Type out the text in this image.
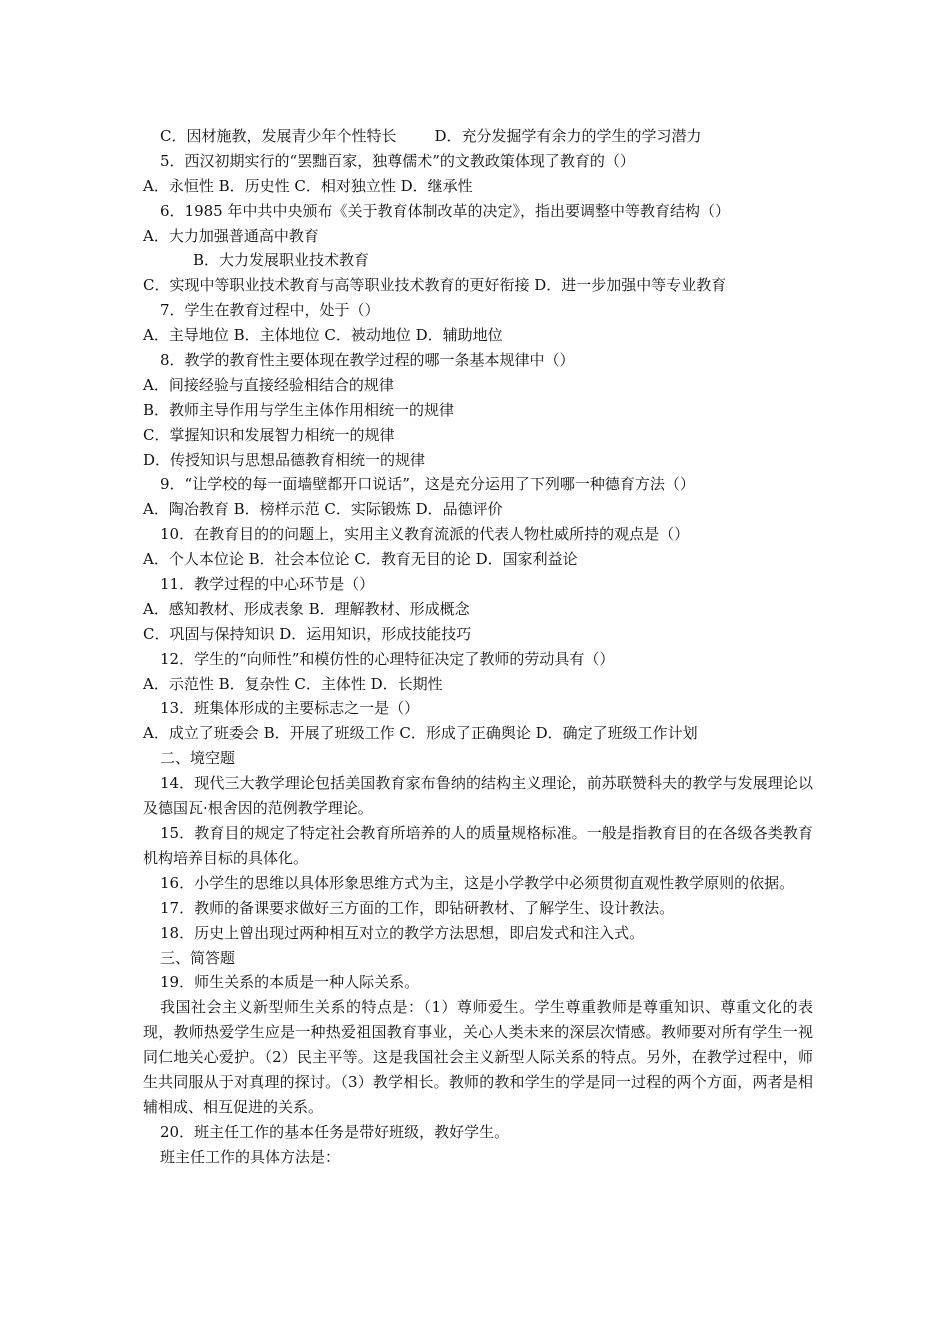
C．因材施教，发展青少年个性特长	D．充分发掘学有余力的学生的学习潜力

5．西汉初期实行的“罢黜百家，独尊儒术”的文教政策体现了教育的（）

A．永恒性 B．历史性 C．相对独立性 D．继承性

6．1985 年中共中央颁布《关于教育体制改革的决定》，指出要调整中等教育结构（）

A．大力加强普通高中教育

B．大力发展职业技术教育

C．实现中等职业技术教育与高等职业技术教育的更好衔接 D．进一步加强中等专业教育

7．学生在教育过程中，处于（）

A．主导地位 B．主体地位 C．被动地位 D．辅助地位

8．教学的教育性主要体现在教学过程的哪一条基本规律中（）

A．间接经验与直接经验相结合的规律

B．教师主导作用与学生主体作用相统一的规律

C．掌握知识和发展智力相统一的规律

D．传授知识与思想品德教育相统一的规律

9．“让学校的每一面墙壁都开口说话”，这是充分运用了下列哪一种德育方法（）

A．陶冶教育 B．榜样示范 C．实际锻炼 D．品德评价

10．在教育目的的问题上，实用主义教育流派的代表人物杜威所持的观点是（）

A．个人本位论 B．社会本位论 C．教育无目的论 D．国家利益论

11．教学过程的中心环节是（）

A．感知教材、形成表象 B．理解教材、形成概念

C．巩固与保持知识 D．运用知识，形成技能技巧

12．学生的“向师性”和模仿性的心理特征决定了教师的劳动具有（）

A．示范性 B．复杂性 C．主体性 D．长期性

13．班集体形成的主要标志之一是（）

A．成立了班委会 B．开展了班级工作 C．形成了正确舆论 D．确定了班级工作计划

二、境空题

14．现代三大教学理论包括美国教育家布鲁纳的结构主义理论，前苏联赞科夫的教学与发展理论以及德国瓦·根舍因的范例教学理论。

15．教育目的规定了特定社会教育所培养的人的质量规格标准。一般是指教育目的在各级各类教育机构培养目标的具体化。

16．小学生的思维以具体形象思维方式为主，这是小学教学中必须贯彻直观性教学原则的依据。

17．教师的备课要求做好三方面的工作，即钻研教材、了解学生、设计教法。

18．历史上曾出现过两种相互对立的教学方法思想，即启发式和注入式。

三、简答题

19．师生关系的本质是一种人际关系。

我国社会主义新型师生关系的特点是：（1）尊师爱生。学生尊重教师是尊重知识、尊重文化的表现，教师热爱学生应是一种热爱祖国教育事业，关心人类未来的深层次情感。教师要对所有学生一视同仁地关心爱护。（2）民主平等。这是我国社会主义新型人际关系的特点。另外，在教学过程中，师生共同服从于对真理的探讨。（3）教学相长。教师的教和学生的学是同一过程的两个方面，两者是相辅相成、相互促进的关系。

20．班主任工作的基本任务是带好班级，教好学生。

班主任工作的具体方法是：
